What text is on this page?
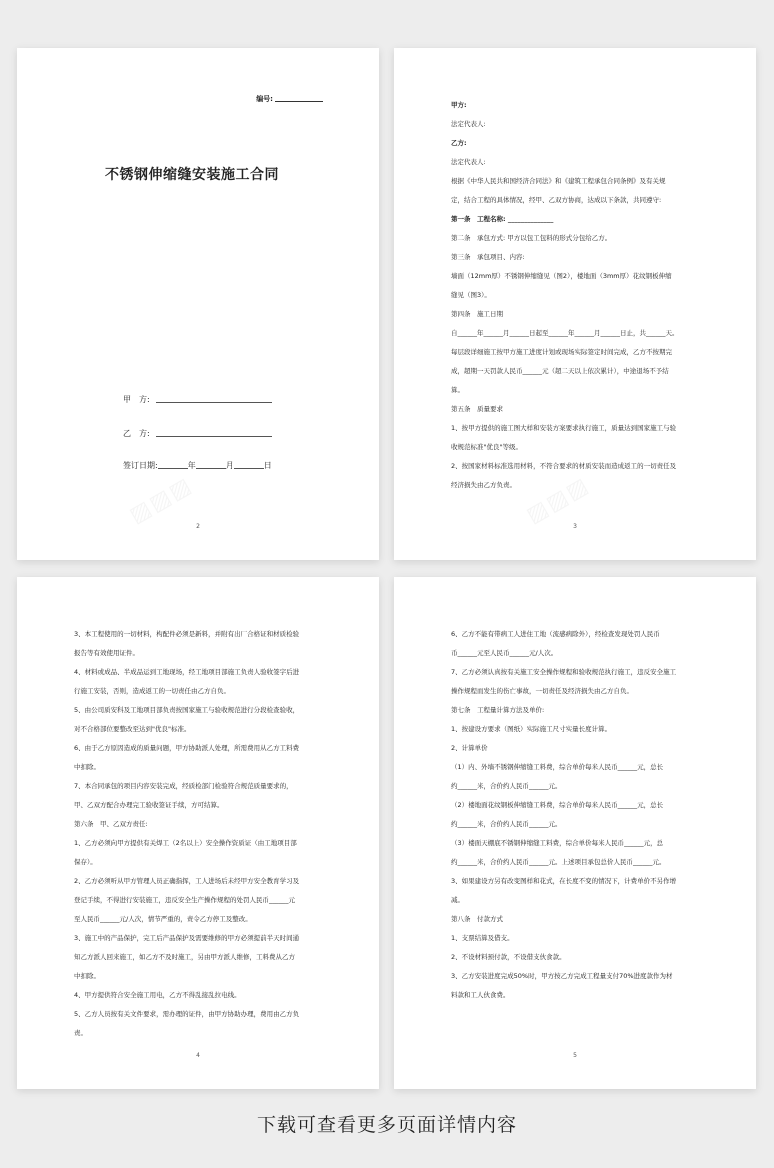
编号:
不锈钢伸缩缝安装施工合同
甲　方:
乙　方:
签订日期:	年	月	日
2
甲方:
法定代表人:
乙方:
法定代表人:
根据《中华人民共和国经济合同法》和《建筑工程承包合同条例》及有关规
定，结合工程的具体情况，经甲、乙双方协商，达成以下条款，共同遵守:
第一条　工程名称: ______________
第二条　承包方式: 甲方以包工包料的形式分包给乙方。
第三条　承包项目、内容:
墙面（12mm厚）不锈钢伸缩缝见（图2），楼地面（3mm厚）花纹钢板伸缩
缝见（图3）。
第四条　施工日期
自______年______月______日起至______年______月______日止，共______天。
每层段详细施工按甲方施工进度计划或现场实际签定时间完成，乙方不按期完
成，超期一天罚款人民币______元（超二天以上依次累计），中途退场不予结
算。
第五条　质量要求
1、按甲方提供的施工图大样和安装方案要求执行施工，质量达到国家施工与验
收规范标准"优良"等级。
2、按国家材料标准选用材料，不符合要求的材质安装而造成返工的一切责任及
经济损失由乙方负责。
3
3、本工程使用的一切材料，构配件必须是新料，并附有出厂合格证和材质检验
报告等有效使用证件。
4、材料或成品、半成品运到工地现场，经工地项目部施工负责人验收签字后进
行施工安装，否则，造成返工的一切责任由乙方自负。
5、由公司质安科及工地项目部负责按国家施工与验收规范进行分段检查验收，
对不合格部位要整改至达到"优良"标准。
6、由于乙方原因造成的质量问题，甲方协助派人处理，所需费用从乙方工料费
中扣除。
7、本合同承包的项目内容安装完成，经质检部门检验符合规范质量要求的，
甲、乙双方配合办理完工验收签证手续，方可结算。
第六条　甲、乙双方责任:
1、乙方必须向甲方提供有关焊工（2名以上）安全操作资质证（由工地项目部
保存）。
2、乙方必须听从甲方管理人员正确指挥，工人进场后未经甲方安全教育学习及
登记手续，不得进行安装施工，违反安全生产操作规程的处罚人民币______元
至人民币______元/人次，情节严重的，责令乙方停工及整改。
3、施工中的产品保护，完工后产品保护及需要维修的甲方必须提前半天时间通
知乙方派人回来施工，如乙方不及时施工，另由甲方派人维修，工料费从乙方
中扣除。
4、甲方提供符合安全施工用电，乙方不得乱接乱拉电线。
5、乙方人员按有关文件要求，需办理的证件，由甲方协助办理，费用由乙方负
责。
4
6、乙方不能有带病工人进住工地（流感病除外），经检查发现处罚人民币
币______元至人民币______元/人次。
7、乙方必须认真按有关施工安全操作规程和验收规范执行施工，违反安全施工
操作规程而发生的伤亡事故，一切责任及经济损失由乙方自负。
第七条　工程量计算方法及单价:
1、按建设方要求（图纸）实际施工尺寸实量长度计算。
2、计算单价
（1）内、外墙不锈钢伸缩缝工料费，综合单价每米人民币______元，总长
约______米，合价约人民币______元。
（2）楼地面花纹钢板伸缩缝工料费，综合单价每米人民币______元，总长
约______米，合价约人民币______元。
（3）楼面天棚底不锈钢伸缩缝工料费，综合单价每米人民币______元，总
约______米，合价约人民币______元。上述项目承包总价人民币______元。
3、如果建设方另有改变图样和花式，在长度不变的情况下，计费单价不另作增
减。
第八条　付款方式
1、支票结算及借支。
2、不设材料预付款，不设借支伙食款。
3、乙方安装进度完成50%时，甲方按乙方完成工程量支付70%进度款作为材
料款和工人伙食费。
5
下载可查看更多页面详情内容
